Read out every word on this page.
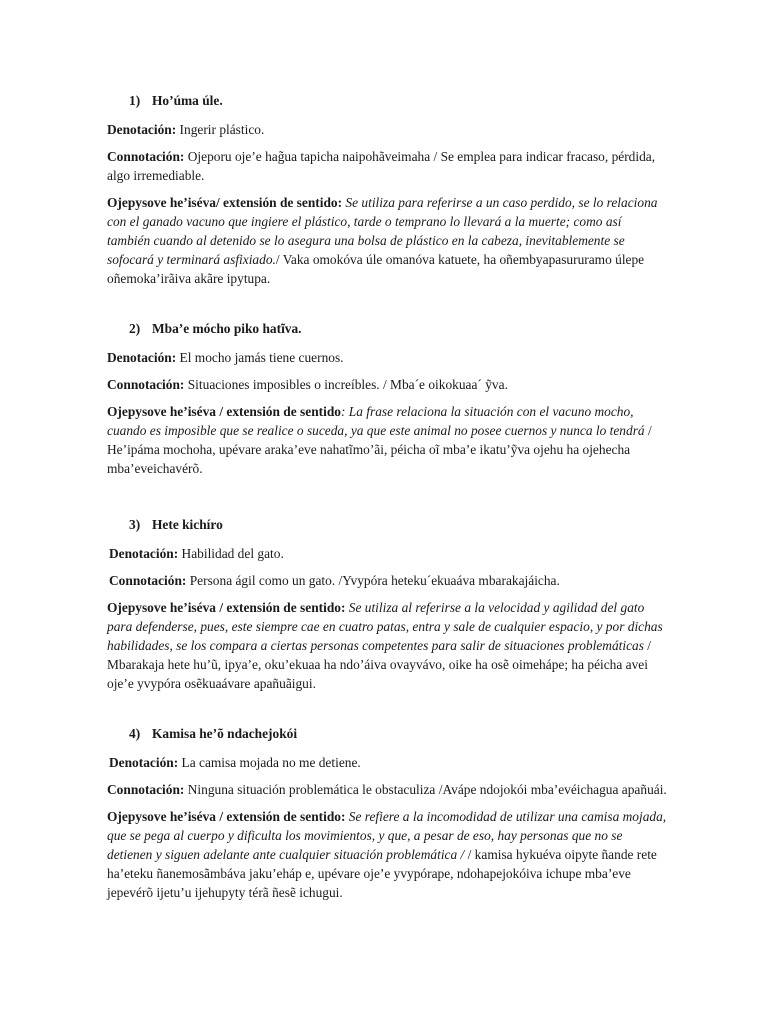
1) Ho’úma úle.
Denotación: Ingerir plástico.
Connotación: Ojeporu oje’e hag̃ua tapicha naipohãveimaha / Se emplea para indicar fracaso, pérdida, algo irremediable.
Ojepysove he’iséva/ extensión de sentido: Se utiliza para referirse a un caso perdido, se lo relaciona con el ganado vacuno que ingiere el plástico, tarde o temprano lo llevará a la muerte; como así también cuando al detenido se lo asegura una bolsa de plástico en la cabeza, inevitablemente se sofocará y terminará asfixiado./ Vaka omokóva úle omanóva katuete, ha oñembyapasururamo úlepe oñemoka’irãiva akãre ipytupa.
2) Mba’e mócho piko hatĩva.
Denotación: El mocho jamás tiene cuernos.
Connotación: Situaciones imposibles o increíbles. / Mba´e oikokuaa´ ỹva.
Ojepysove he’iséva / extensión de sentido: La frase relaciona la situación con el vacuno mocho, cuando es imposible que se realice o suceda, ya que este animal no posee cuernos y nunca lo tendrá / He’ipáma mochoha, upévare araka’eve nahatĩmo’ãi, péicha oĩ mba’e ikatu’ỹva ojehu ha ojehecha mba’eveichavérõ.
3) Hete kichíro
Denotación: Habilidad del gato.
Connotación: Persona ágil como un gato. /Yvypóra heteku´ekuaáva mbarakajáicha.
Ojepysove he’iséva / extensión de sentido: Se utiliza al referirse a la velocidad y agilidad del gato para defenderse, pues, este siempre cae en cuatro patas, entra y sale de cualquier espacio, y por dichas habilidades, se los compara a ciertas personas competentes para salir de situaciones problemáticas / Mbarakaja hete hu’ũ, ipya’e, oku’ekuaa ha ndo’áiva ovayvávo, oike ha osẽ oimehápe; ha péicha avei oje’e yvypóra osẽkuaávare apañuãigui.
4) Kamisa he’õ ndachejokói
Denotación: La camisa mojada no me detiene.
Connotación: Ninguna situación problemática le obstaculiza /Avápe ndojokói mba’evéichagua apañuái.
Ojepysove he’iséva / extensión de sentido: Se refiere a la incomodidad de utilizar una camisa mojada, que se pega al cuerpo y dificulta los movimientos, y que, a pesar de eso, hay personas que no se detienen y siguen adelante ante cualquier situación problemática / / kamisa hykuéva oipyte ñande rete ha’eteku ñanemosãmbáva jaku’eháp e, upévare oje’e yvypórape, ndohapejokóiva ichupe mba’eve jepevérõ ijetu’u ijehupyty térã ñesẽ ichugui.
